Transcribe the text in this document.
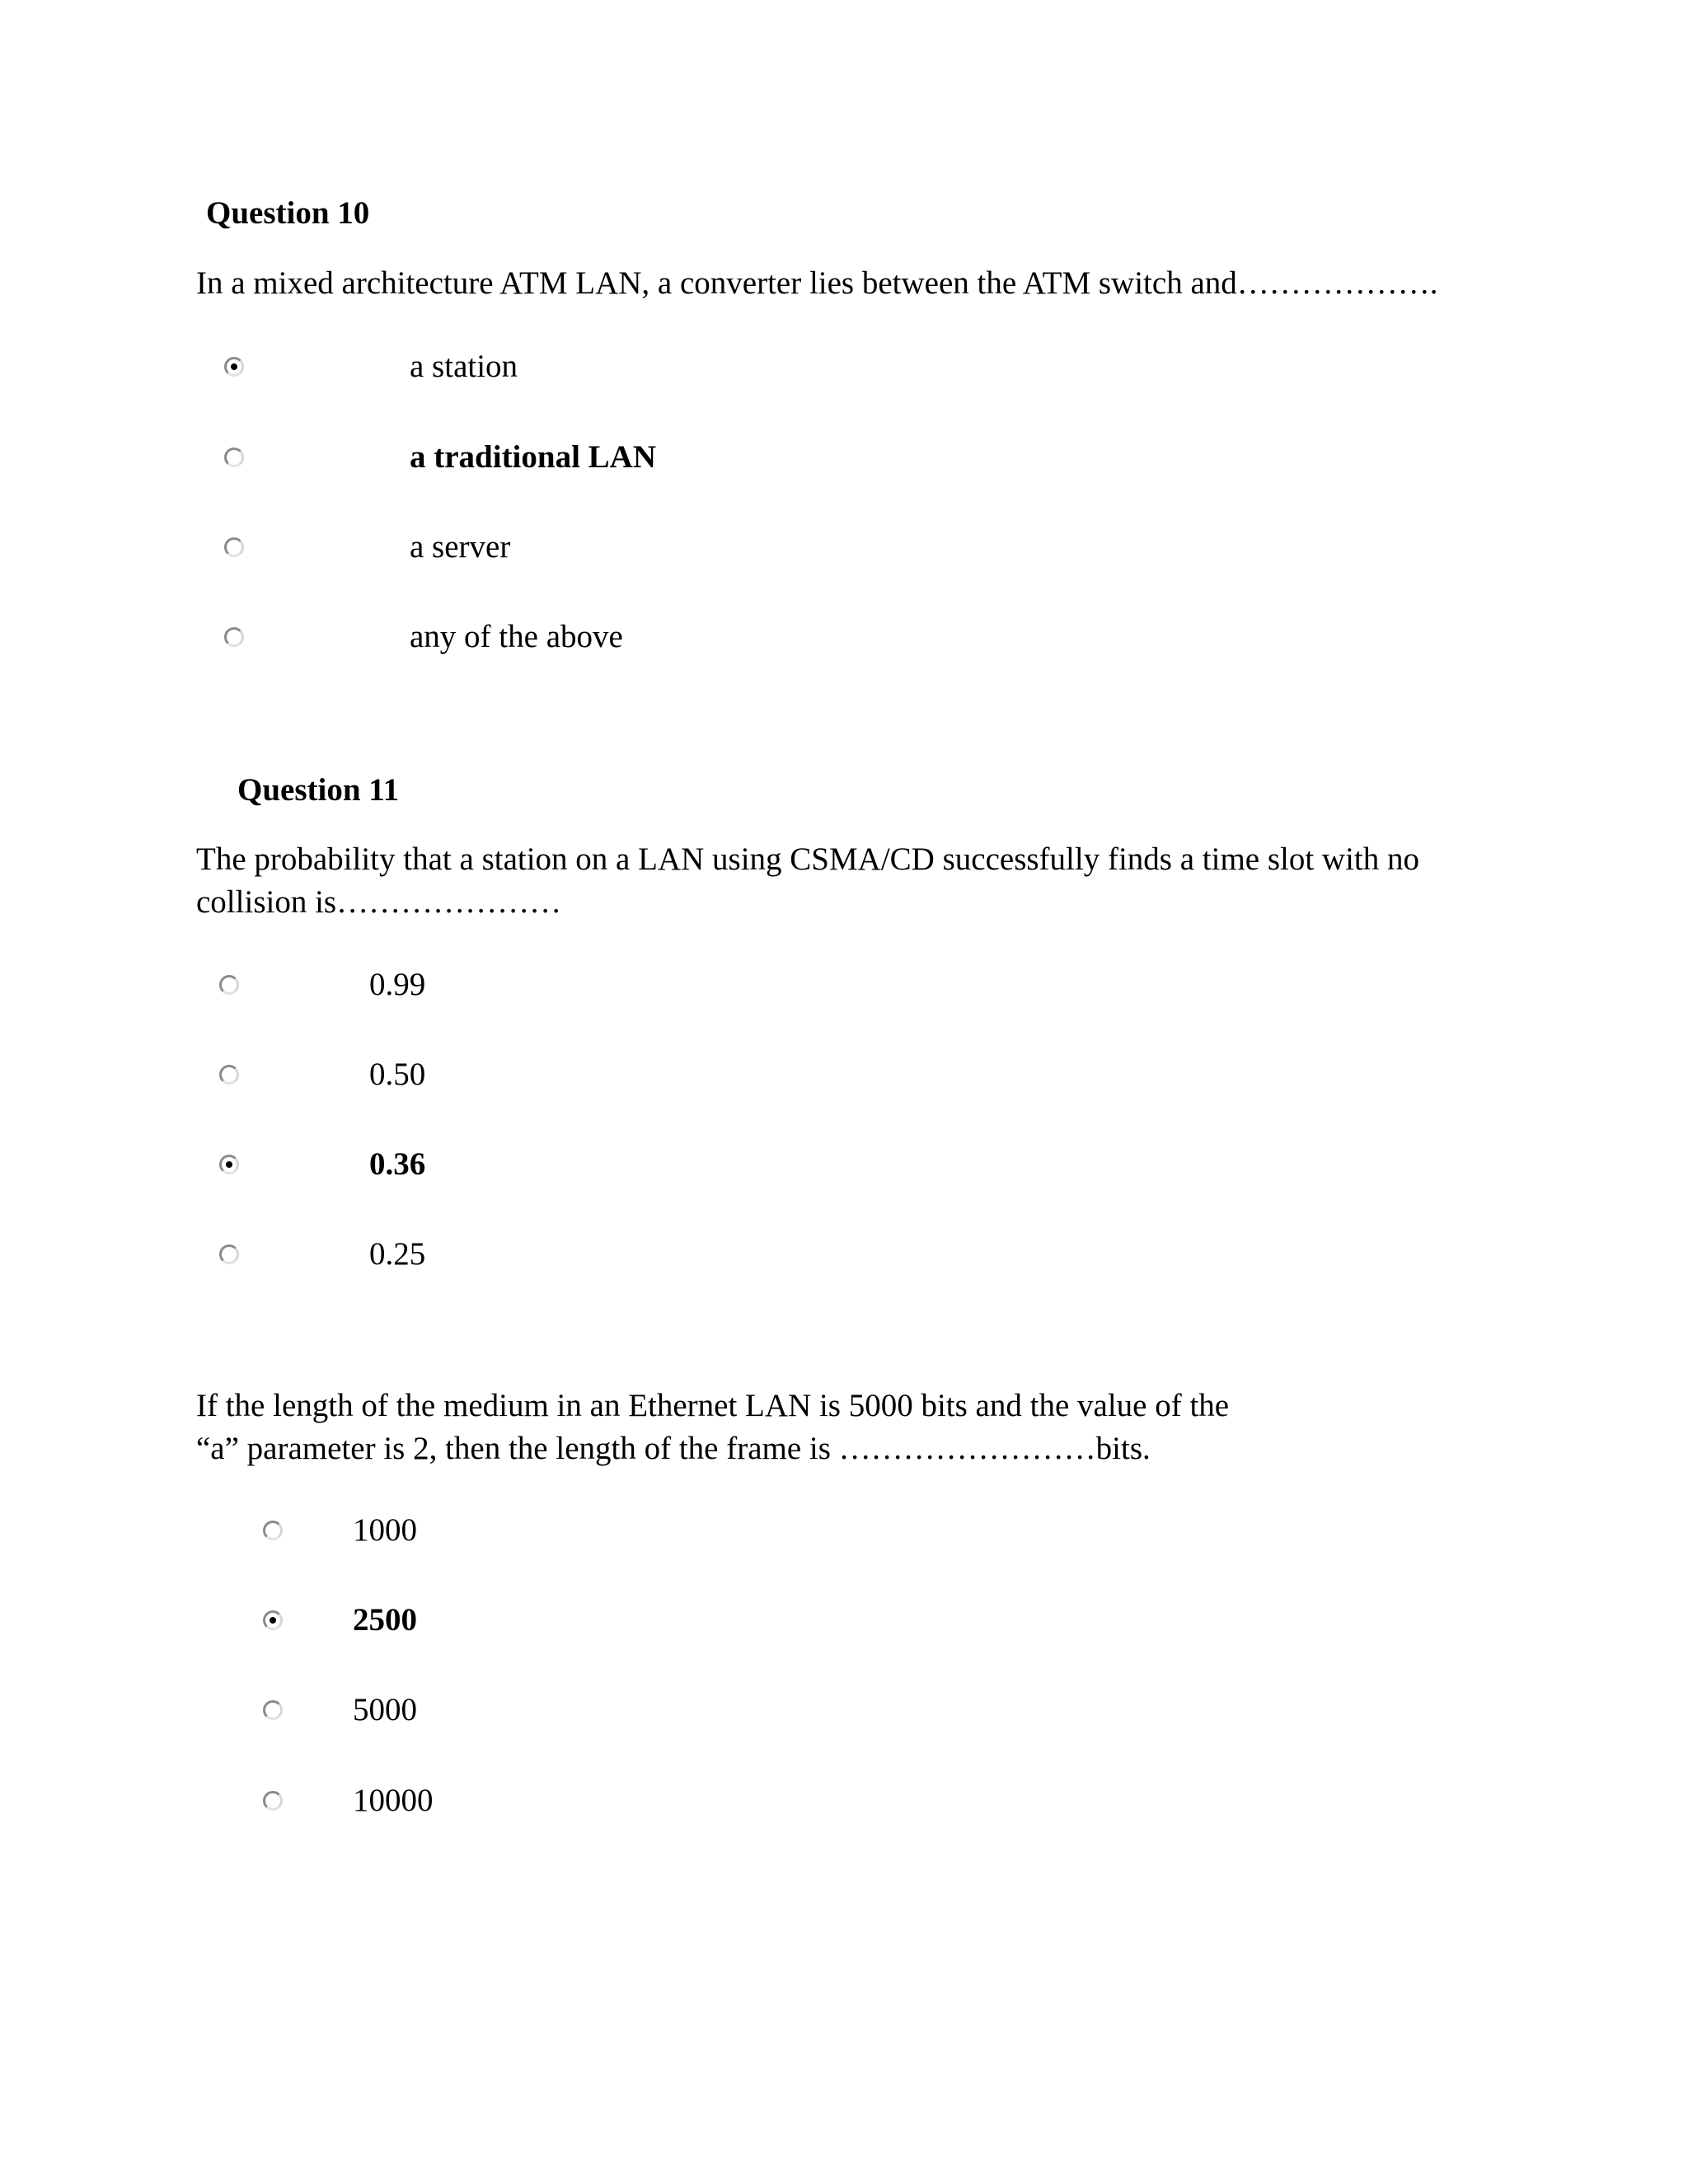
Question 10
In a mixed architecture ATM LAN, a converter lies between the ATM switch and……………….
a station
a traditional LAN
a server
any of the above
Question 11
The probability that a station on a LAN using CSMA/CD successfully finds a time slot with no
collision is…………………
0.99
0.50
0.36
0.25
If the length of the medium in an Ethernet LAN is 5000 bits and the value of the
“a” parameter is 2, then the length of the frame is ……………………bits.
1000
2500
5000
10000
